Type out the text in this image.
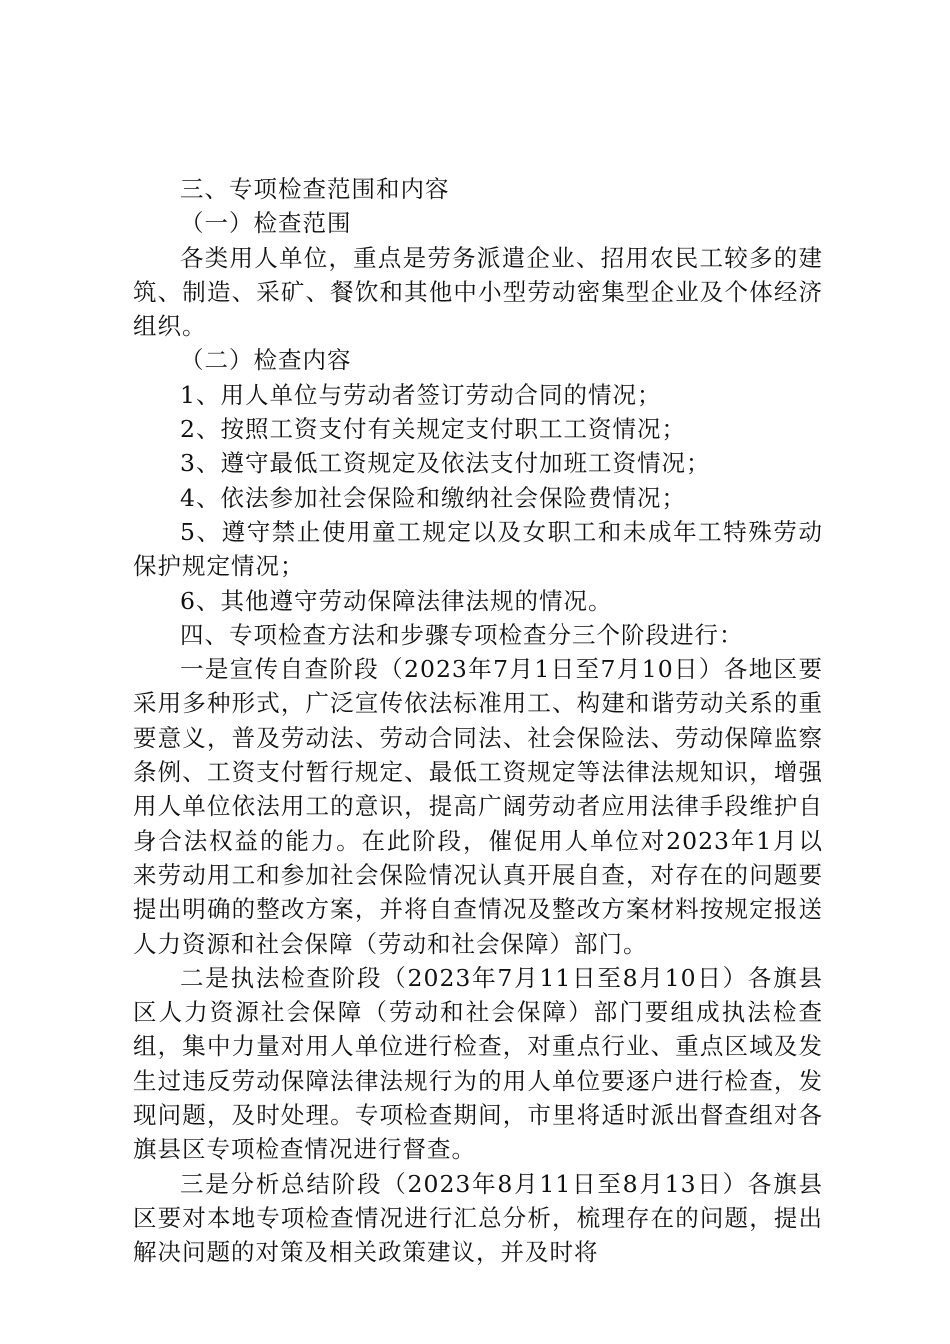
三、专项检查范围和内容

（一）检查范围

各类用人单位，重点是劳务派遣企业、招用农民工较多的建筑、制造、采矿、餐饮和其他中小型劳动密集型企业及个体经济组织。

（二）检查内容

1、用人单位与劳动者签订劳动合同的情况；

2、按照工资支付有关规定支付职工工资情况；

3、遵守最低工资规定及依法支付加班工资情况；

4、依法参加社会保险和缴纳社会保险费情况；

5、遵守禁止使用童工规定以及女职工和未成年工特殊劳动保护规定情况；

6、其他遵守劳动保障法律法规的情况。

四、专项检查方法和步骤专项检查分三个阶段进行：

一是宣传自查阶段（2023年7月1日至7月10日）各地区要采用多种形式，广泛宣传依法标准用工、构建和谐劳动关系的重要意义，普及劳动法、劳动合同法、社会保险法、劳动保障监察条例、工资支付暂行规定、最低工资规定等法律法规知识，增强用人单位依法用工的意识，提高广阔劳动者应用法律手段维护自身合法权益的能力。在此阶段，催促用人单位对2023年1月以来劳动用工和参加社会保险情况认真开展自查，对存在的问题要提出明确的整改方案，并将自查情况及整改方案材料按规定报送人力资源和社会保障（劳动和社会保障）部门。

二是执法检查阶段（2023年7月11日至8月10日）各旗县区人力资源社会保障（劳动和社会保障）部门要组成执法检查组，集中力量对用人单位进行检查，对重点行业、重点区域及发生过违反劳动保障法律法规行为的用人单位要逐户进行检查，发现问题，及时处理。专项检查期间，市里将适时派出督查组对各旗县区专项检查情况进行督查。

三是分析总结阶段（2023年8月11日至8月13日）各旗县区要对本地专项检查情况进行汇总分析，梳理存在的问题，提出解决问题的对策及相关政策建议，并及时将
